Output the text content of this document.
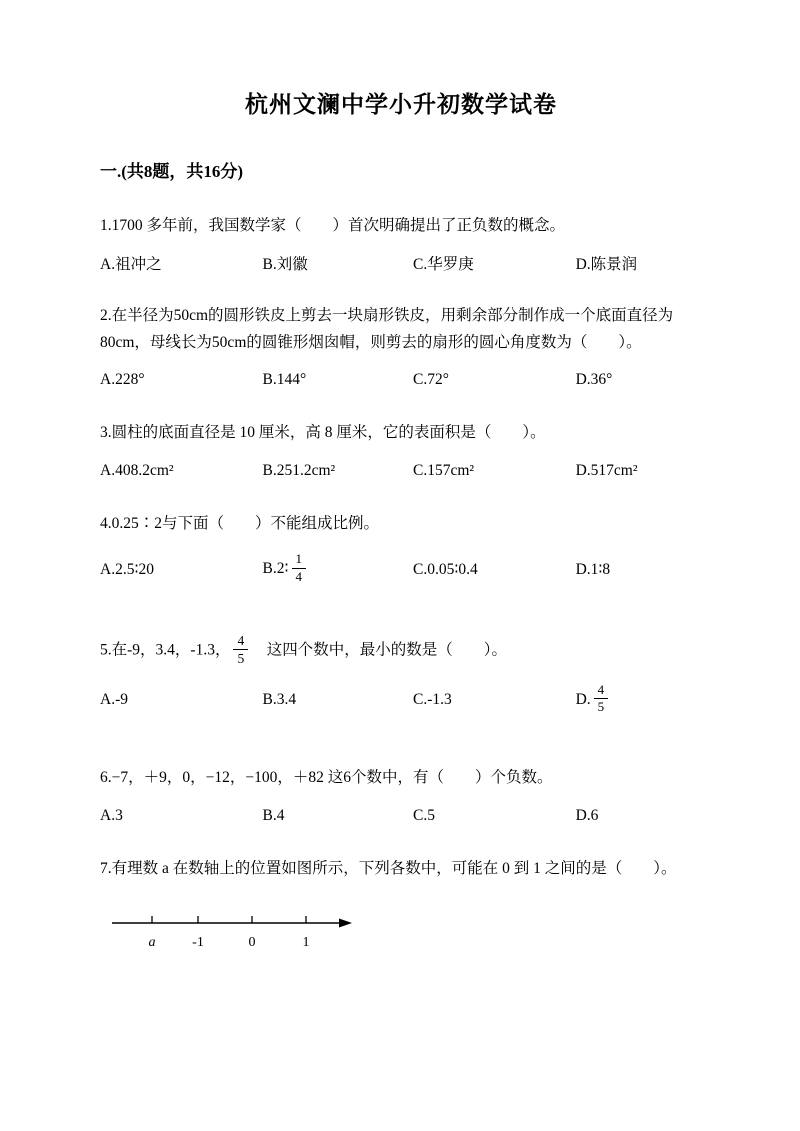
杭州文澜中学小升初数学试卷
一.(共8题，共16分)

1.1700 多年前，我国数学家（　　）首次明确提出了正负数的概念。

A.祖冲之	B.刘徽	C.华罗庚	D.陈景润

2.在半径为50cm的圆形铁皮上剪去一块扇形铁皮，用剩余部分制作成一个底面直径为80cm，母线长为50cm的圆锥形烟囱帽，则剪去的扇形的圆心角度数为（　　）。

A.228°	B.144°	C.72°	D.36°

3.圆柱的底面直径是 10 厘米，高 8 厘米，它的表面积是（　　）。

A.408.2cm²	B.251.2cm²	C.157cm²	D.517cm²

4.0.25∶2与下面（　　）不能组成比例。

A.2.5∶20	B.2∶ $\frac{1}{4}$	C.0.05∶0.4	D.1∶8

5.在-9，3.4，-1.3， $\frac{4}{5}$ 　这四个数中，最小的数是（　　）。

A.-9	B.3.4	C.-1.3	D. $\frac{4}{5}$

6.−7，＋9，0，−12，−100，＋82 这6个数中，有（　　）个负数。

A.3	B.4	C.5	D.6

7.有理数 a 在数轴上的位置如图所示，下列各数中，可能在 0 到 1 之间的是（　　）。

a	-1	0	1
